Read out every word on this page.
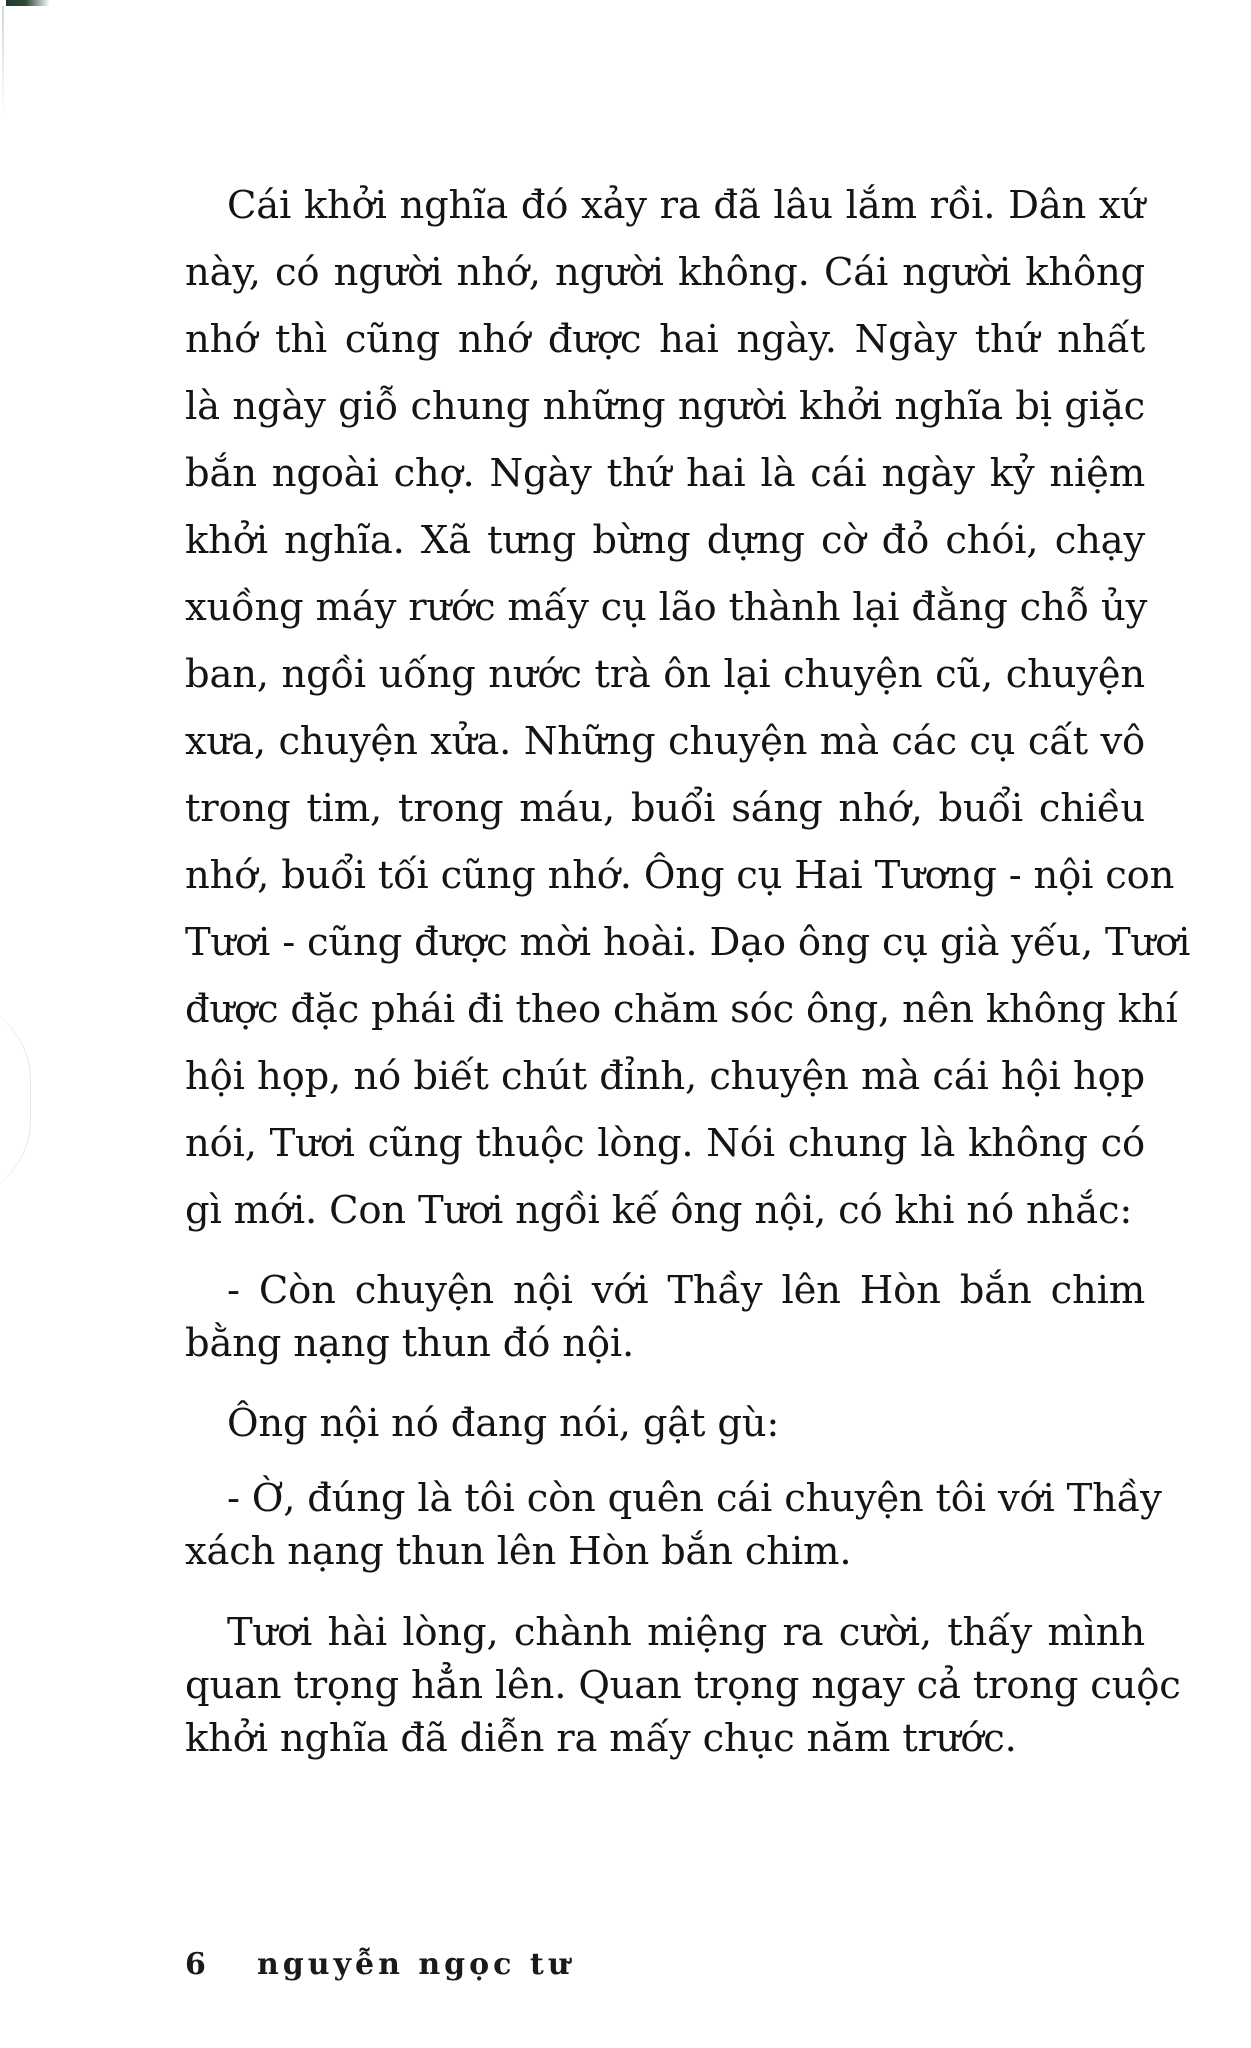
Cái khởi nghĩa đó xảy ra đã lâu lắm rồi. Dân xứ
này, có người nhớ, người không. Cái người không
nhớ thì cũng nhớ được hai ngày. Ngày thứ nhất
là ngày giỗ chung những người khởi nghĩa bị giặc
bắn ngoài chợ. Ngày thứ hai là cái ngày kỷ niệm
khởi nghĩa. Xã tưng bừng dựng cờ đỏ chói, chạy
xuồng máy rước mấy cụ lão thành lại đằng chỗ ủy
ban, ngồi uống nước trà ôn lại chuyện cũ, chuyện
xưa, chuyện xửa. Những chuyện mà các cụ cất vô
trong tim, trong máu, buổi sáng nhớ, buổi chiều
nhớ, buổi tối cũng nhớ. Ông cụ Hai Tương - nội con
Tươi - cũng được mời hoài. Dạo ông cụ già yếu, Tươi
được đặc phái đi theo chăm sóc ông, nên không khí
hội họp, nó biết chút đỉnh, chuyện mà cái hội họp
nói, Tươi cũng thuộc lòng. Nói chung là không có
gì mới. Con Tươi ngồi kế ông nội, có khi nó nhắc:
- Còn chuyện nội với Thầy lên Hòn bắn chim
bằng nạng thun đó nội.
Ông nội nó đang nói, gật gù:
- Ờ, đúng là tôi còn quên cái chuyện tôi với Thầy
xách nạng thun lên Hòn bắn chim.
Tươi hài lòng, chành miệng ra cười, thấy mình
quan trọng hẳn lên. Quan trọng ngay cả trong cuộc
khởi nghĩa đã diễn ra mấy chục năm trước.
6 nguyễn ngọc tư
